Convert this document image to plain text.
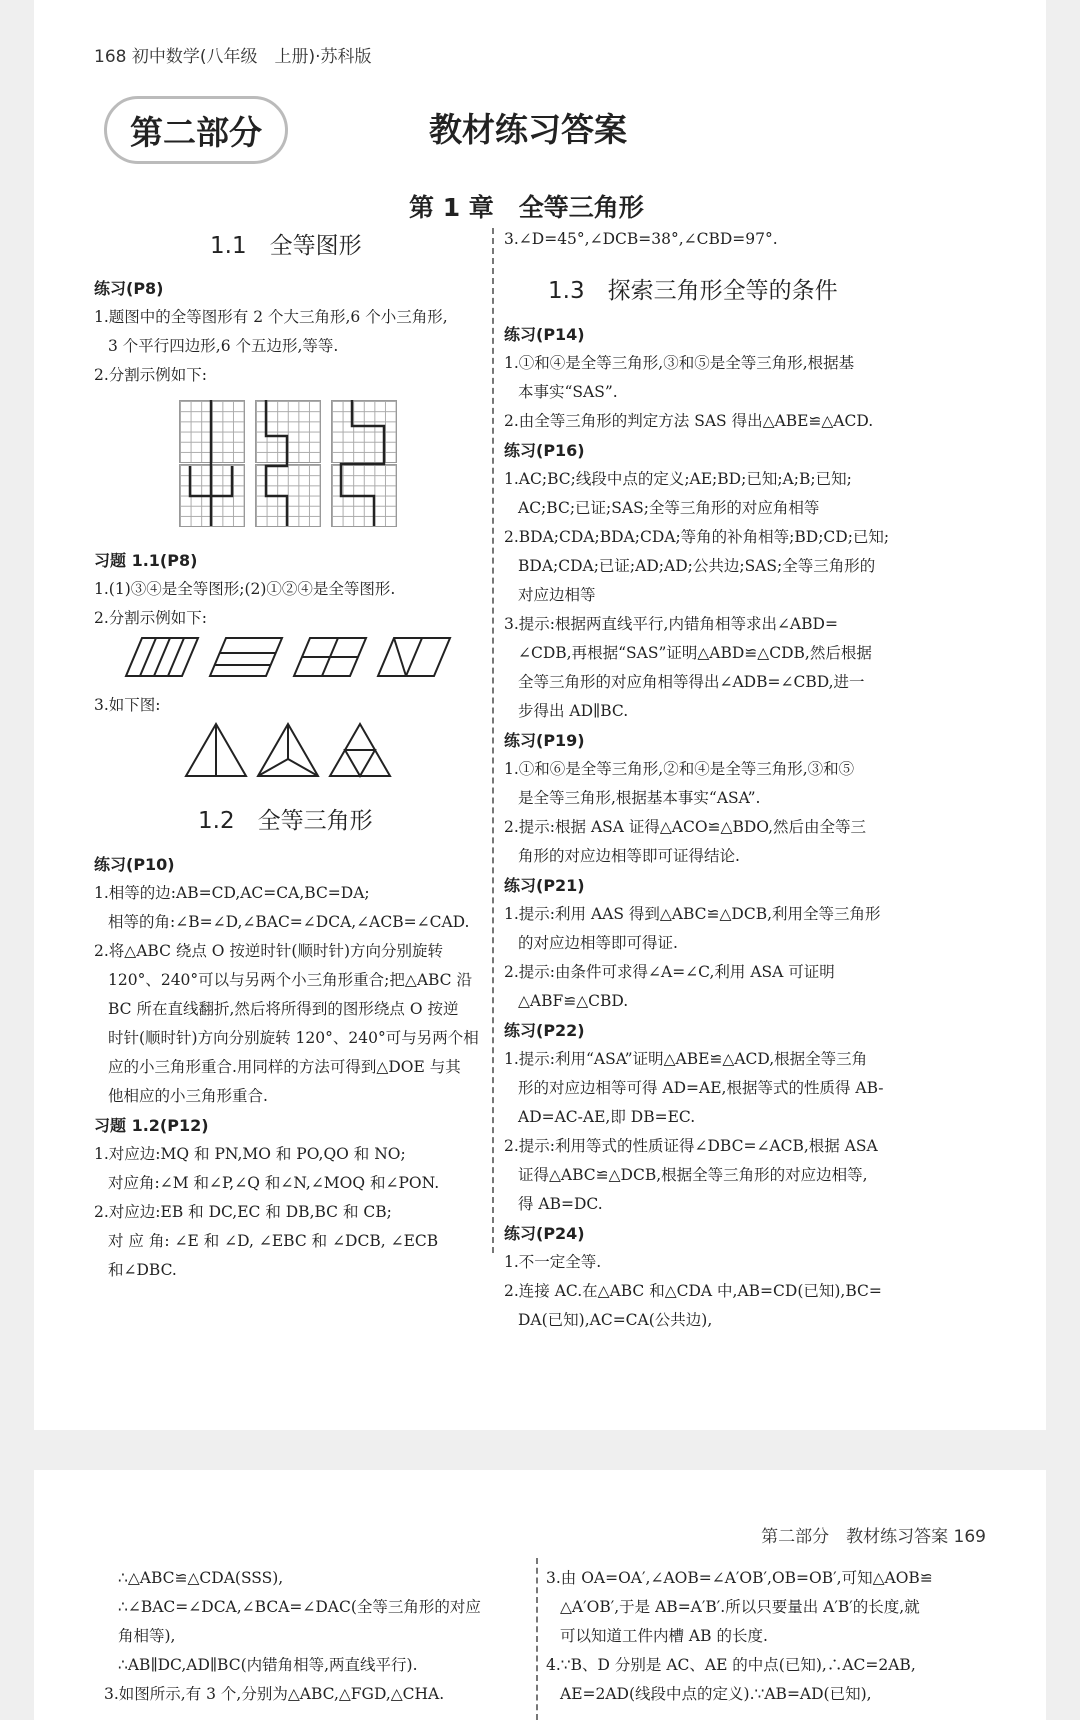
168 初中数学(八年级　上册)·苏科版
第二部分	教材练习答案
第 1 章　全等三角形
1.1　全等图形

练习(P8)

1.题图中的全等图形有 2 个大三角形,6 个小三角形,

3 个平行四边形,6 个五边形,等等.

2.分割示例如下:

习题 1.1(P8)

1.(1)③④是全等图形;(2)①②④是全等图形.

2.分割示例如下:

3.如下图:

1.2　全等三角形

练习(P10)

1.相等的边:AB=CD,AC=CA,BC=DA;

相等的角:∠B=∠D,∠BAC=∠DCA,∠ACB=∠CAD.

2.将△ABC 绕点 O 按逆时针(顺时针)方向分别旋转

120°、240°可以与另两个小三角形重合;把△ABC 沿

BC 所在直线翻折,然后将所得到的图形绕点 O 按逆

时针(顺时针)方向分别旋转 120°、240°可与另两个相

应的小三角形重合.用同样的方法可得到△DOE 与其

他相应的小三角形重合.

习题 1.2(P12)

1.对应边:MQ 和 PN,MO 和 PO,QO 和 NO;

对应角:∠M 和∠P,∠Q 和∠N,∠MOQ 和∠PON.

2.对应边:EB 和 DC,EC 和 DB,BC 和 CB;

对 应 角: ∠E 和 ∠D, ∠EBC 和 ∠DCB, ∠ECB

和∠DBC.

3.∠D=45°,∠DCB=38°,∠CBD=97°.

1.3　探索三角形全等的条件

练习(P14)

1.①和④是全等三角形,③和⑤是全等三角形,根据基

本事实“SAS”.

2.由全等三角形的判定方法 SAS 得出△ABE≌△ACD.

练习(P16)

1.AC;BC;线段中点的定义;AE;BD;已知;A;B;已知;

AC;BC;已证;SAS;全等三角形的对应角相等

2.BDA;CDA;BDA;CDA;等角的补角相等;BD;CD;已知;

BDA;CDA;已证;AD;AD;公共边;SAS;全等三角形的

对应边相等

3.提示:根据两直线平行,内错角相等求出∠ABD=

∠CDB,再根据“SAS”证明△ABD≌△CDB,然后根据

全等三角形的对应角相等得出∠ADB=∠CBD,进一

步得出 AD∥BC.

练习(P19)

1.①和⑥是全等三角形,②和④是全等三角形,③和⑤

是全等三角形,根据基本事实“ASA”.

2.提示:根据 ASA 证得△ACO≌△BDO,然后由全等三

角形的对应边相等即可证得结论.

练习(P21)

1.提示:利用 AAS 得到△ABC≌△DCB,利用全等三角形

的对应边相等即可得证.

2.提示:由条件可求得∠A=∠C,利用 ASA 可证明

△ABF≌△CBD.

练习(P22)

1.提示:利用“ASA”证明△ABE≌△ACD,根据全等三角

形的对应边相等可得 AD=AE,根据等式的性质得 AB-

AD=AC-AE,即 DB=EC.

2.提示:利用等式的性质证得∠DBC=∠ACB,根据 ASA

证得△ABC≌△DCB,根据全等三角形的对应边相等,

得 AB=DC.

练习(P24)

1.不一定全等.

2.连接 AC.在△ABC 和△CDA 中,AB=CD(已知),BC=

DA(已知),AC=CA(公共边),

第二部分　教材练习答案 169

∴△ABC≌△CDA(SSS),

∴∠BAC=∠DCA,∠BCA=∠DAC(全等三角形的对应

角相等),

∴AB∥DC,AD∥BC(内错角相等,两直线平行).

3.如图所示,有 3 个,分别为△ABC,△FGD,△CHA.

3.由 OA=OA′,∠AOB=∠A′OB′,OB=OB′,可知△AOB≌

△A′OB′,于是 AB=A′B′.所以只要量出 A′B′的长度,就

可以知道工件内槽 AB 的长度.

4.∵B、D 分别是 AC、AE 的中点(已知),∴AC=2AB,

AE=2AD(线段中点的定义).∵AB=AD(已知),
